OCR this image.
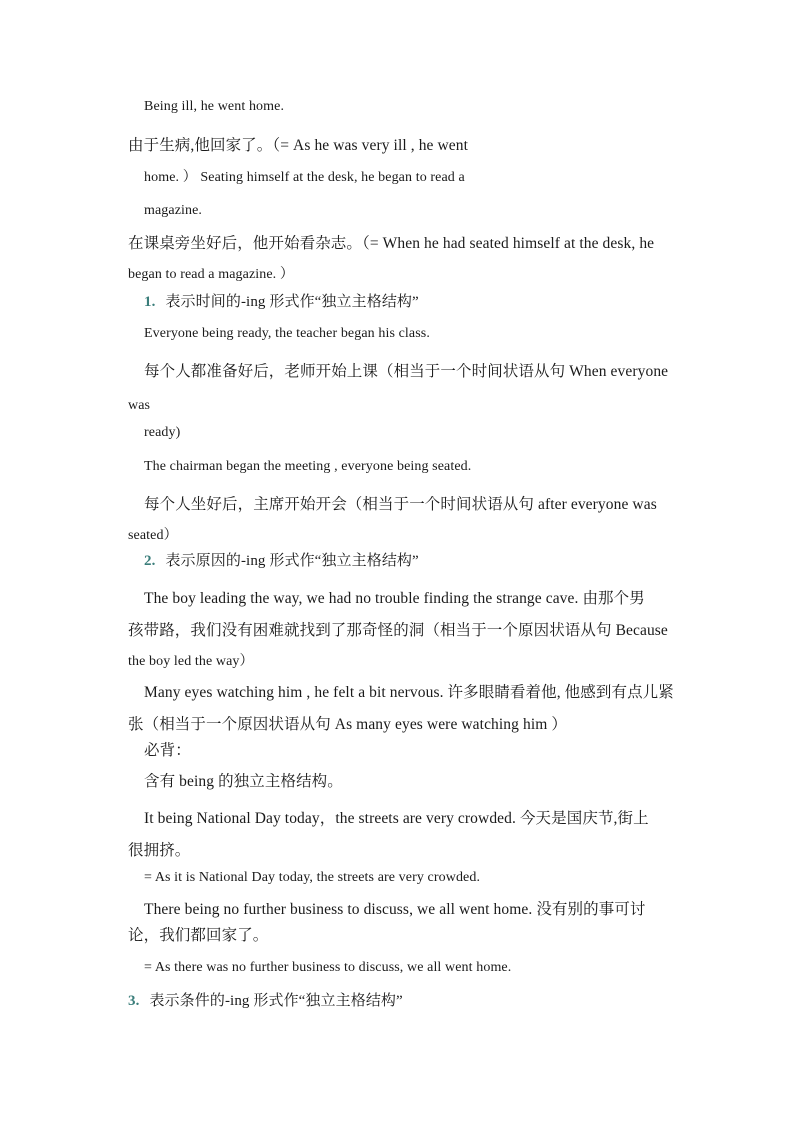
Being ill, he went home.
由于生病,他回家了。（= As he was very ill , he went
home. ） Seating himself at the desk, he began to read a
magazine.
在课桌旁坐好后，他开始看杂志。（= When he had seated himself at the desk, he
began to read a magazine. ）
1. 表示时间的-ing 形式作“独立主格结构”
Everyone being ready, the teacher began his class.
每个人都准备好后，老师开始上课（相当于一个时间状语从句 When everyone
was
ready)
The chairman began the meeting , everyone being seated.
每个人坐好后，主席开始开会（相当于一个时间状语从句 after everyone was
seated）
2. 表示原因的-ing 形式作“独立主格结构”
The boy leading the way, we had no trouble finding the strange cave. 由那个男
孩带路，我们没有困难就找到了那奇怪的洞（相当于一个原因状语从句 Because
the boy led the way）
Many eyes watching him , he felt a bit nervous. 许多眼睛看着他, 他感到有点儿紧
张（相当于一个原因状语从句 As many eyes were watching him ）
必背：
含有 being 的独立主格结构。
It being National Day today，the streets are very crowded. 今天是国庆节,街上
很拥挤。
= As it is National Day today, the streets are very crowded.
There being no further business to discuss, we all went home. 没有别的事可讨
论，我们都回家了。
= As there was no further business to discuss, we all went home.
3. 表示条件的-ing 形式作“独立主格结构”
